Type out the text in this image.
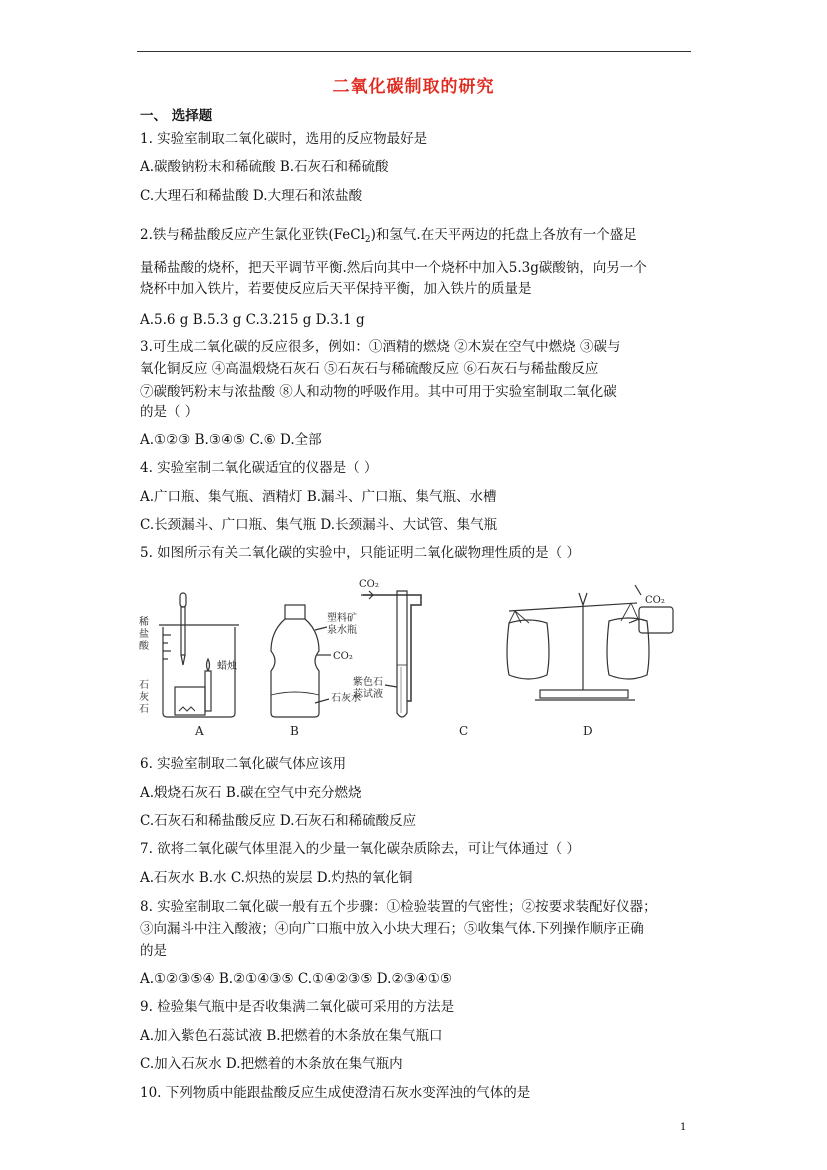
二氧化碳制取的研究
一、 选择题
1. 实验室制取二氧化碳时，选用的反应物最好是
A.碳酸钠粉末和稀硫酸 B.石灰石和稀硫酸
C.大理石和稀盐酸 D.大理石和浓盐酸
2.铁与稀盐酸反应产生氯化亚铁(FeCl$_2$)和氢气.在天平两边的托盘上各放有一个盛足
量稀盐酸的烧杯，把天平调节平衡.然后向其中一个烧杯中加入5.3g碳酸钠，向另一个
烧杯中加入铁片，若要使反应后天平保持平衡，加入铁片的质量是
A.5.6 g B.5.3 g C.3.215 g D.3.1 g
3.可生成二氧化碳的反应很多，例如：①酒精的燃烧 ②木炭在空气中燃烧 ③碳与
氧化铜反应 ④高温煅烧石灰石 ⑤石灰石与稀硫酸反应 ⑥石灰石与稀盐酸反应
⑦碳酸钙粉末与浓盐酸 ⑧人和动物的呼吸作用。其中可用于实验室制取二氧化碳
的是（ ）
A.①②③ B.③④⑤ C.⑥ D.全部
4. 实验室制二氧化碳适宜的仪器是（ ）
A.广口瓶、集气瓶、酒精灯 B.漏斗、广口瓶、集气瓶、水槽
C.长颈漏斗、广口瓶、集气瓶 D.长颈漏斗、大试管、集气瓶
5. 如图所示有关二氧化碳的实验中，只能证明二氧化碳物理性质的是（ ）
稀
盐
酸
蜡烛
石
灰
石
塑料矿
泉水瓶
CO₂
石灰水
CO₂
紫色石
蕊试液
CO₂
A	B	C	D
6. 实验室制取二氧化碳气体应该用
A.煅烧石灰石 B.碳在空气中充分燃烧
C.石灰石和稀盐酸反应 D.石灰石和稀硫酸反应
7. 欲将二氧化碳气体里混入的少量一氧化碳杂质除去，可让气体通过（ ）
A.石灰水 B.水 C.炽热的炭层 D.灼热的氧化铜
8. 实验室制取二氧化碳一般有五个步骤：①检验装置的气密性；②按要求装配好仪器；
③向漏斗中注入酸液；④向广口瓶中放入小块大理石；⑤收集气体.下列操作顺序正确
的是
A.①②③⑤④ B.②①④③⑤ C.①④②③⑤ D.②③④①⑤
9. 检验集气瓶中是否收集满二氧化碳可采用的方法是
A.加入紫色石蕊试液 B.把燃着的木条放在集气瓶口
C.加入石灰水 D.把燃着的木条放在集气瓶内
10. 下列物质中能跟盐酸反应生成使澄清石灰水变浑浊的气体的是
1
